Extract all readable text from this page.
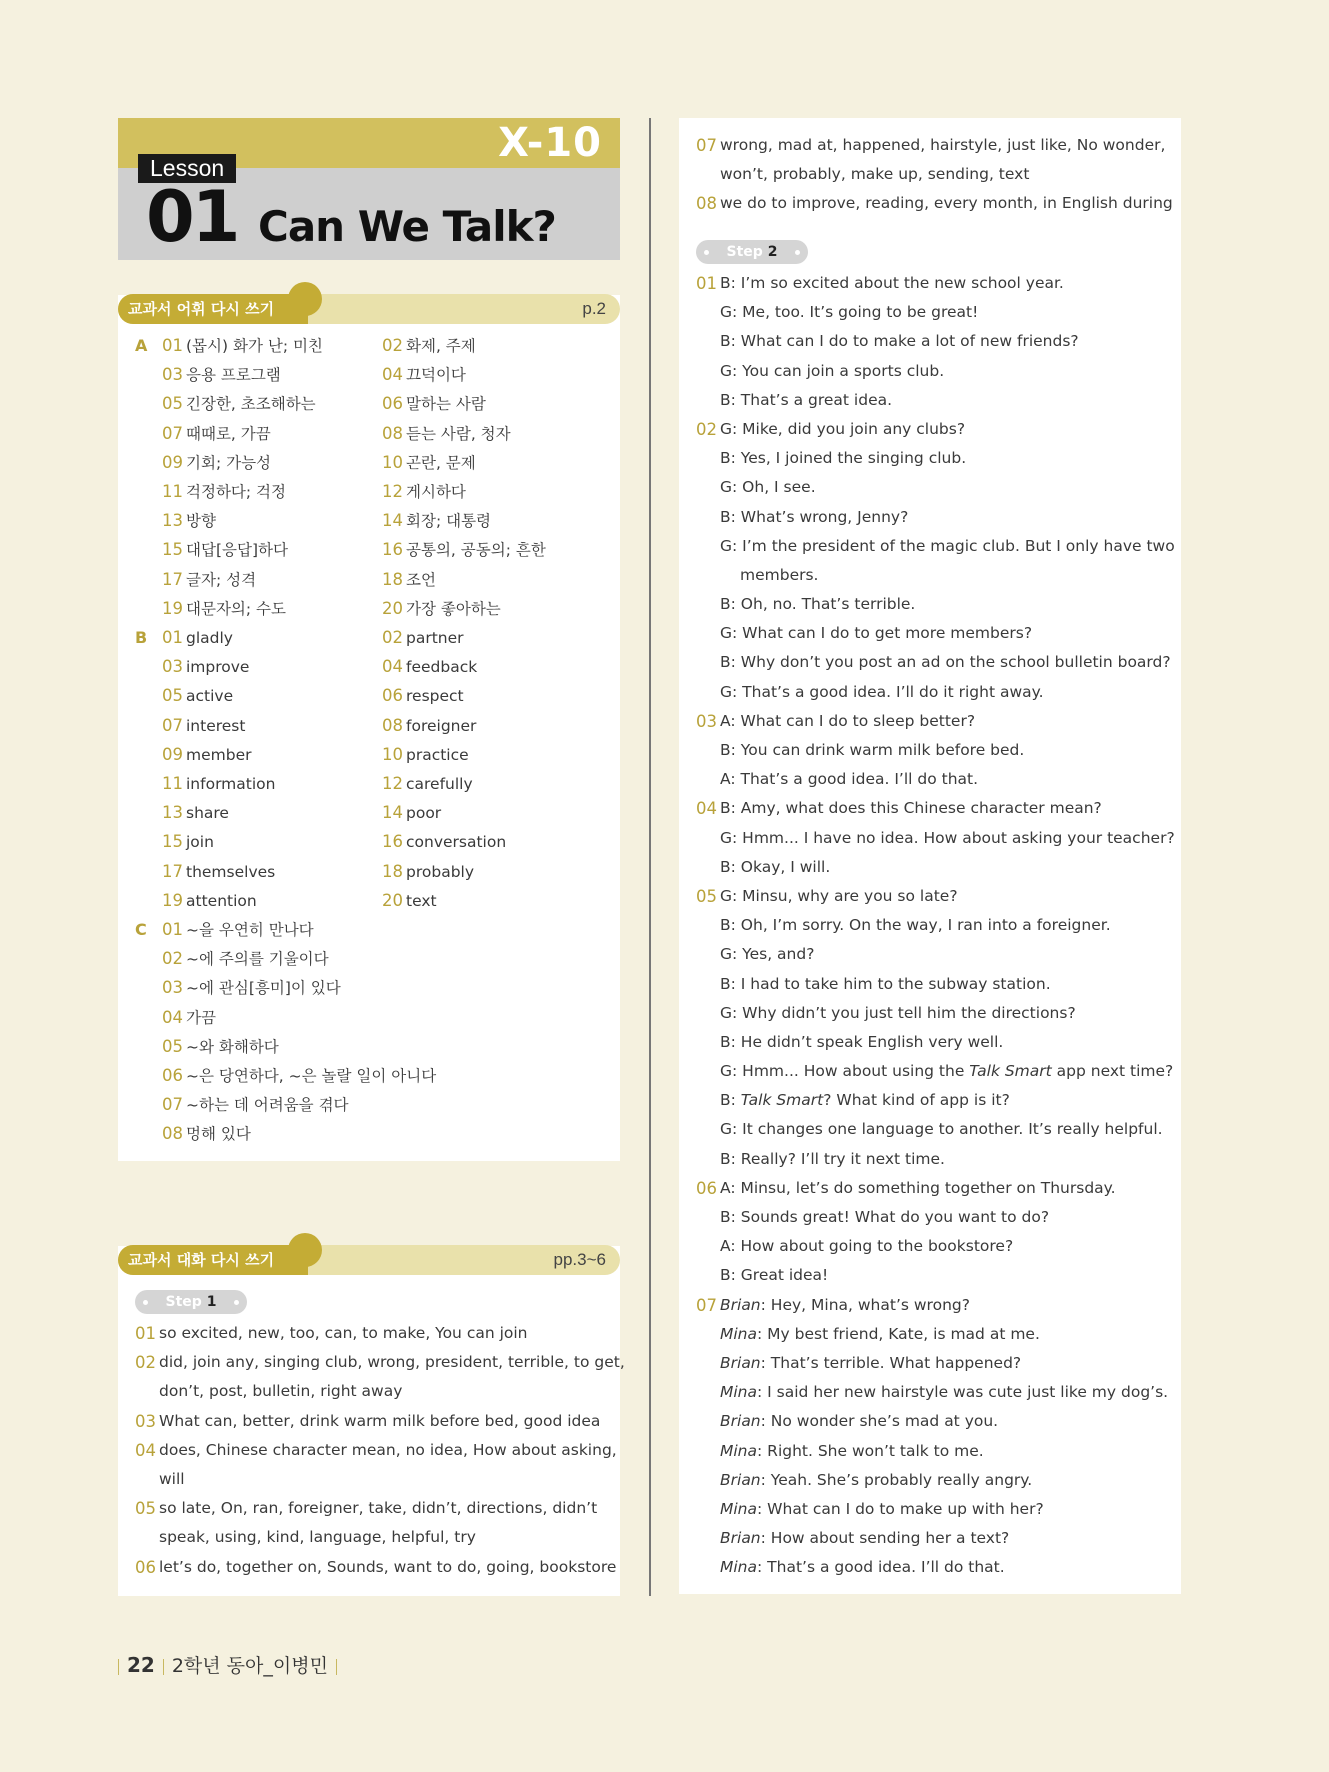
X-10
Lesson
01 Can We Talk?
교과서 어휘 다시 쓰기	p.2
A
B
C
01 (몹시) 화가 난; 미친
03 응용 프로그램
05 긴장한, 초조해하는
07 때때로, 가끔
09 기회; 가능성
11 걱정하다; 걱정
13 방향
15 대답[응답]하다
17 글자; 성격
19 대문자의; 수도
02 화제, 주제
04 끄덕이다
06 말하는 사람
08 듣는 사람, 청자
10 곤란, 문제
12 게시하다
14 회장; 대통령
16 공통의, 공동의; 흔한
18 조언
20 가장 좋아하는
01 gladly
03 improve
05 active
07 interest
09 member
11 information
13 share
15 join
17 themselves
19 attention
02 partner
04 feedback
06 respect
08 foreigner
10 practice
12 carefully
14 poor
16 conversation
18 probably
20 text
01 ~을 우연히 만나다
02 ~에 주의를 기울이다
03 ~에 관심[흥미]이 있다
04 가끔
05 ~와 화해하다
06 ~은 당연하다, ~은 놀랄 일이 아니다
07 ~하는 데 어려움을 겪다
08 멍해 있다
교과서 대화 다시 쓰기	pp.3~6
Step 1
01 so excited, new, too, can, to make, You can join
02 did, join any, singing club, wrong, president, terrible, to get,
don’t, post, bulletin, right away
03 What can, better, drink warm milk before bed, good idea
04 does, Chinese character mean, no idea, How about asking,
will
05 so late, On, ran, foreigner, take, didn’t, directions, didn’t
speak, using, kind, language, helpful, try
06 let’s do, together on, Sounds, want to do, going, bookstore
07 wrong, mad at, happened, hairstyle, just like, No wonder,
won’t, probably, make up, sending, text
08 we do to improve, reading, every month, in English during
Step 2
01 B: I’m so excited about the new school year.
G: Me, too. It’s going to be great!
B: What can I do to make a lot of new friends?
G: You can join a sports club.
B: That’s a great idea.
02 G: Mike, did you join any clubs?
B: Yes, I joined the singing club.
G: Oh, I see.
B: What’s wrong, Jenny?
G: I’m the president of the magic club. But I only have two
members.
B: Oh, no. That’s terrible.
G: What can I do to get more members?
B: Why don’t you post an ad on the school bulletin board?
G: That’s a good idea. I’ll do it right away.
03 A: What can I do to sleep better?
B: You can drink warm milk before bed.
A: That’s a good idea. I’ll do that.
04 B: Amy, what does this Chinese character mean?
G: Hmm... I have no idea. How about asking your teacher?
B: Okay, I will.
05 G: Minsu, why are you so late?
B: Oh, I’m sorry. On the way, I ran into a foreigner.
G: Yes, and?
B: I had to take him to the subway station.
G: Why didn’t you just tell him the directions?
B: He didn’t speak English very well.
G: Hmm... How about using the Talk Smart app next time?
B: Talk Smart? What kind of app is it?
G: It changes one language to another. It’s really helpful.
B: Really? I’ll try it next time.
06 A: Minsu, let’s do something together on Thursday.
B: Sounds great! What do you want to do?
A: How about going to the bookstore?
B: Great idea!
07 Brian: Hey, Mina, what’s wrong?
Mina: My best friend, Kate, is mad at me.
Brian: That’s terrible. What happened?
Mina: I said her new hairstyle was cute just like my dog’s.
Brian: No wonder she’s mad at you.
Mina: Right. She won’t talk to me.
Brian: Yeah. She’s probably really angry.
Mina: What can I do to make up with her?
Brian: How about sending her a text?
Mina: That’s a good idea. I’ll do that.
22 2학년 동아_이병민
